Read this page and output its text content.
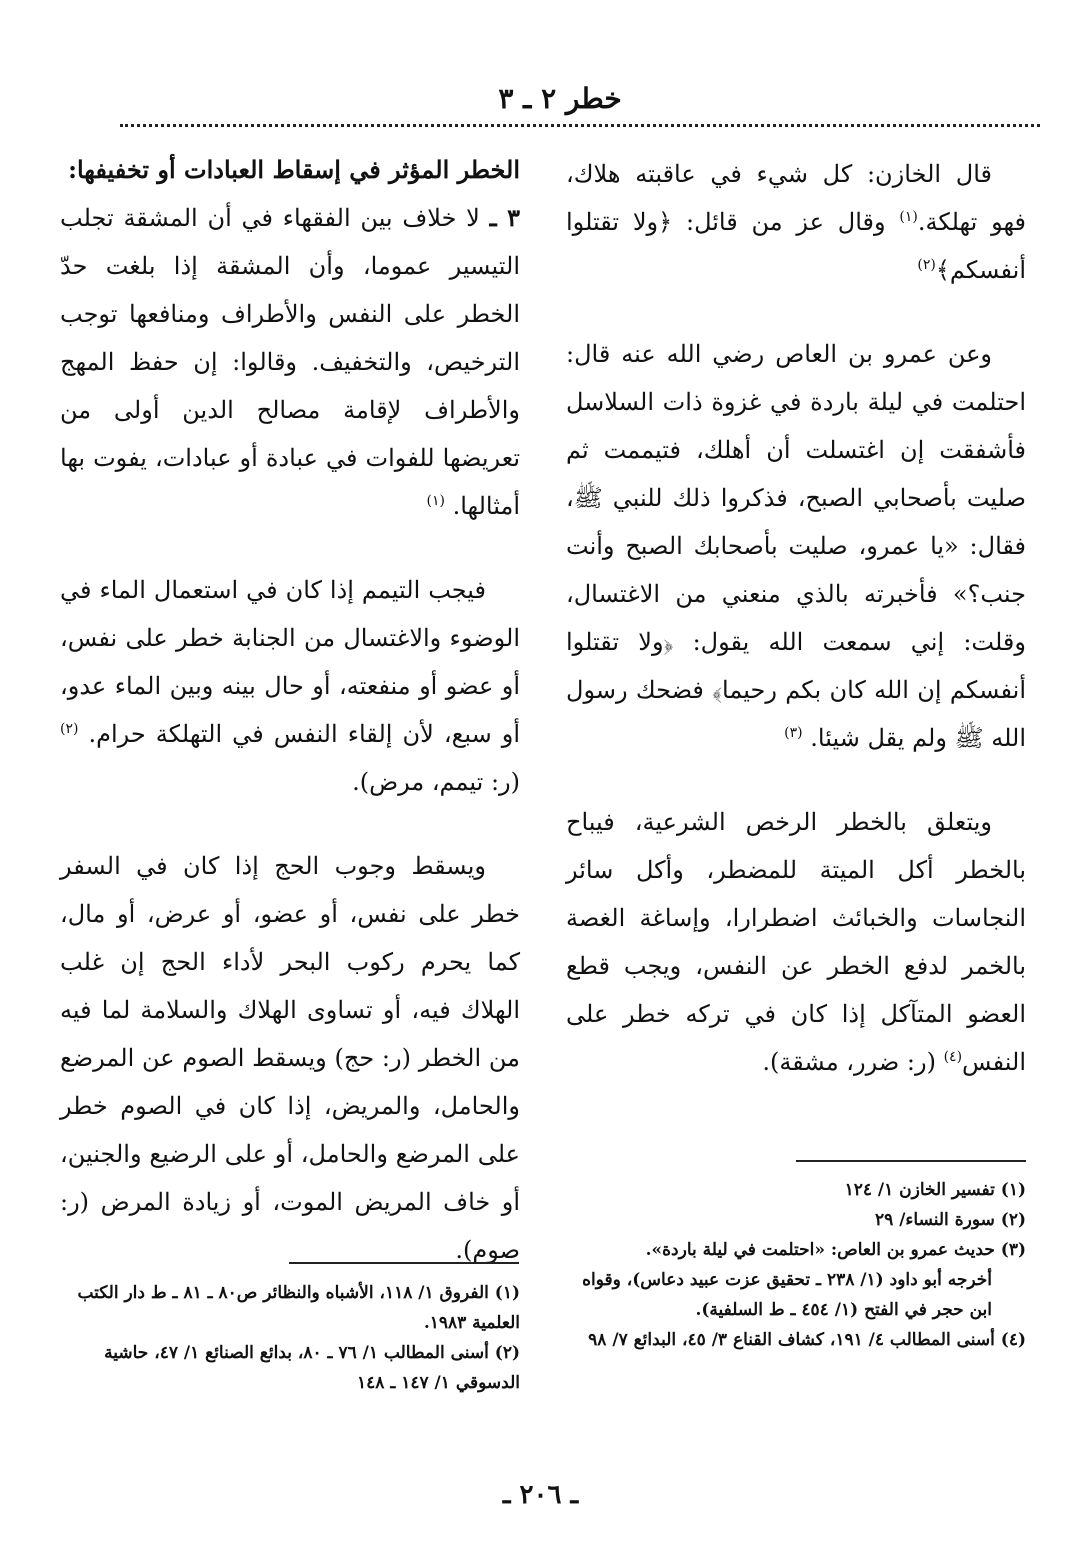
خطر ٢ ـ ٣

قال الخازن: كل شيء في عاقبته هلاك، فهو تهلكة.$^{(١)}$ وقال عز من قائل: ﴿ولا تقتلوا أنفسكم﴾$^{(٢)}$

وعن عمرو بن العاص رضي الله عنه قال: احتلمت في ليلة باردة في غزوة ذات السلاسل فأشفقت إن اغتسلت أن أهلك، فتيممت ثم صليت بأصحابي الصبح، فذكروا ذلك للنبي ﷺ، فقال: «يا عمرو، صليت بأصحابك الصبح وأنت جنب؟» فأخبرته بالذي منعني من الاغتسال، وقلت: إني سمعت الله يقول: ﴿ولا تقتلوا أنفسكم إن الله كان بكم رحيما﴾ فضحك رسول الله ﷺ ولم يقل شيئا. $^{(٣)}$

ويتعلق بالخطر الرخص الشرعية، فيباح بالخطر أكل الميتة للمضطر، وأكل سائر النجاسات والخبائث اضطرارا، وإساغة الغصة بالخمر لدفع الخطر عن النفس، ويجب قطع العضو المتآكل إذا كان في تركه خطر على النفس$^{(٤)}$ (ر: ضرر، مشقة).

الخطر المؤثر في إسقاط العبادات أو تخفيفها:

٣ ـ لا خلاف بين الفقهاء في أن المشقة تجلب التيسير عموما، وأن المشقة إذا بلغت حدّ الخطر على النفس والأطراف ومنافعها توجب الترخيص، والتخفيف. وقالوا: إن حفظ المهج والأطراف لإقامة مصالح الدين أولى من تعريضها للفوات في عبادة أو عبادات، يفوت بها أمثالها. $^{(١)}$

فيجب التيمم إذا كان في استعمال الماء في الوضوء والاغتسال من الجنابة خطر على نفس، أو عضو أو منفعته، أو حال بينه وبين الماء عدو، أو سبع، لأن إلقاء النفس في التهلكة حرام. $^{(٢)}$ (ر: تيمم، مرض).

ويسقط وجوب الحج إذا كان في السفر خطر على نفس، أو عضو، أو عرض، أو مال، كما يحرم ركوب البحر لأداء الحج إن غلب الهلاك فيه، أو تساوى الهلاك والسلامة لما فيه من الخطر (ر: حج) ويسقط الصوم عن المرضع والحامل، والمريض، إذا كان في الصوم خطر على المرضع والحامل، أو على الرضيع والجنين، أو خاف المريض الموت، أو زيادة المرض (ر: صوم).

(١) تفسير الخازن ١/ ١٢٤

(٢) سورة النساء/ ٢٩

(٣) حديث عمرو بن العاص: «احتلمت في ليلة باردة».

أخرجه أبو داود (١/ ٢٣٨ ـ تحقيق عزت عبيد دعاس)، وقواه ابن حجر في الفتح (١/ ٤٥٤ ـ ط السلفية).

(٤) أسنى المطالب ٤/ ١٩١، كشاف القناع ٣/ ٤٥، البدائع ٧/ ٩٨

(١) الفروق ١/ ١١٨، الأشباه والنظائر ص٨٠ ـ ٨١ ـ ط دار الكتب العلمية ١٩٨٣.

(٢) أسنى المطالب ١/ ٧٦ ـ ٨٠، بدائع الصنائع ١/ ٤٧، حاشية الدسوقي ١/ ١٤٧ ـ ١٤٨

ـ ٢٠٦ ـ
